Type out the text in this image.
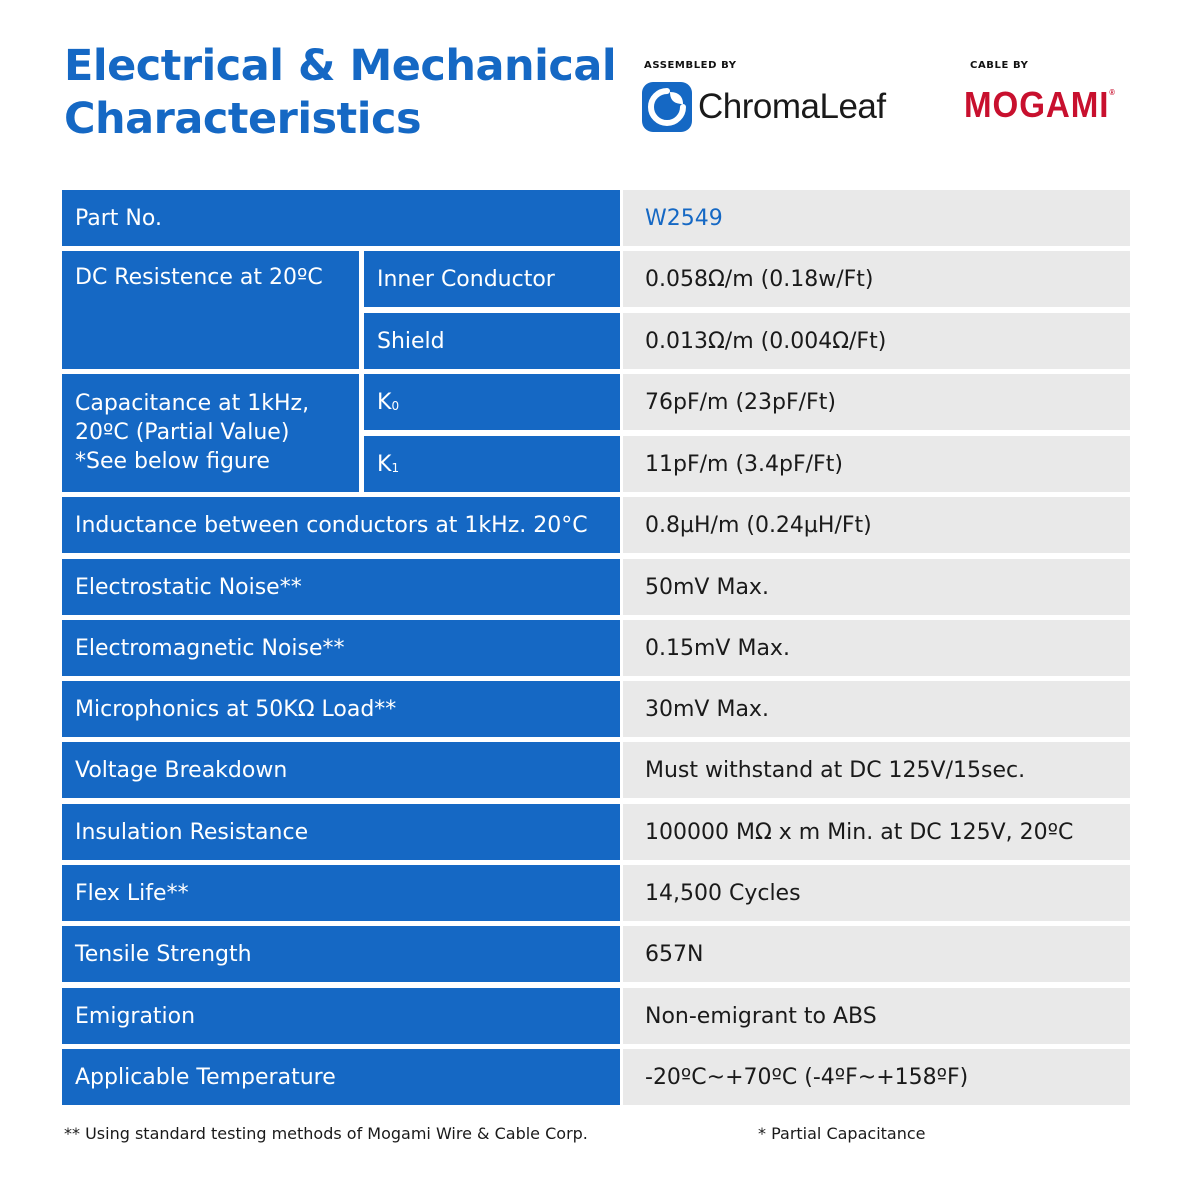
Electrical & Mechanical
Characteristics
ASSEMBLED BY
ChromaLeaf
CABLE BY
MOGAMI®
Part No.	W2549
DC Resistence at 20ºC	Inner Conductor	0.058Ω/m (0.18w/Ft)
Shield	0.013Ω/m (0.004Ω/Ft)
Capacitance at 1kHz,
20ºC (Partial Value)
*See below figure
$K_0$	76pF/m (23pF/Ft)
$K_1$	11pF/m (3.4pF/Ft)
Inductance between conductors at 1kHz. 20°C	0.8µH/m (0.24µH/Ft)
Electrostatic Noise**	50mV Max.
Electromagnetic Noise**	0.15mV Max.
Microphonics at 50KΩ Load**	30mV Max.
Voltage Breakdown	Must withstand at DC 125V/15sec.
Insulation Resistance	100000 MΩ x m Min. at DC 125V, 20ºC
Flex Life**	14,500 Cycles
Tensile Strength	657N
Emigration	Non-emigrant to ABS
Applicable Temperature	-20ºC~+70ºC (-4ºF~+158ºF)
** Using standard testing methods of Mogami Wire & Cable Corp.	* Partial Capacitance
